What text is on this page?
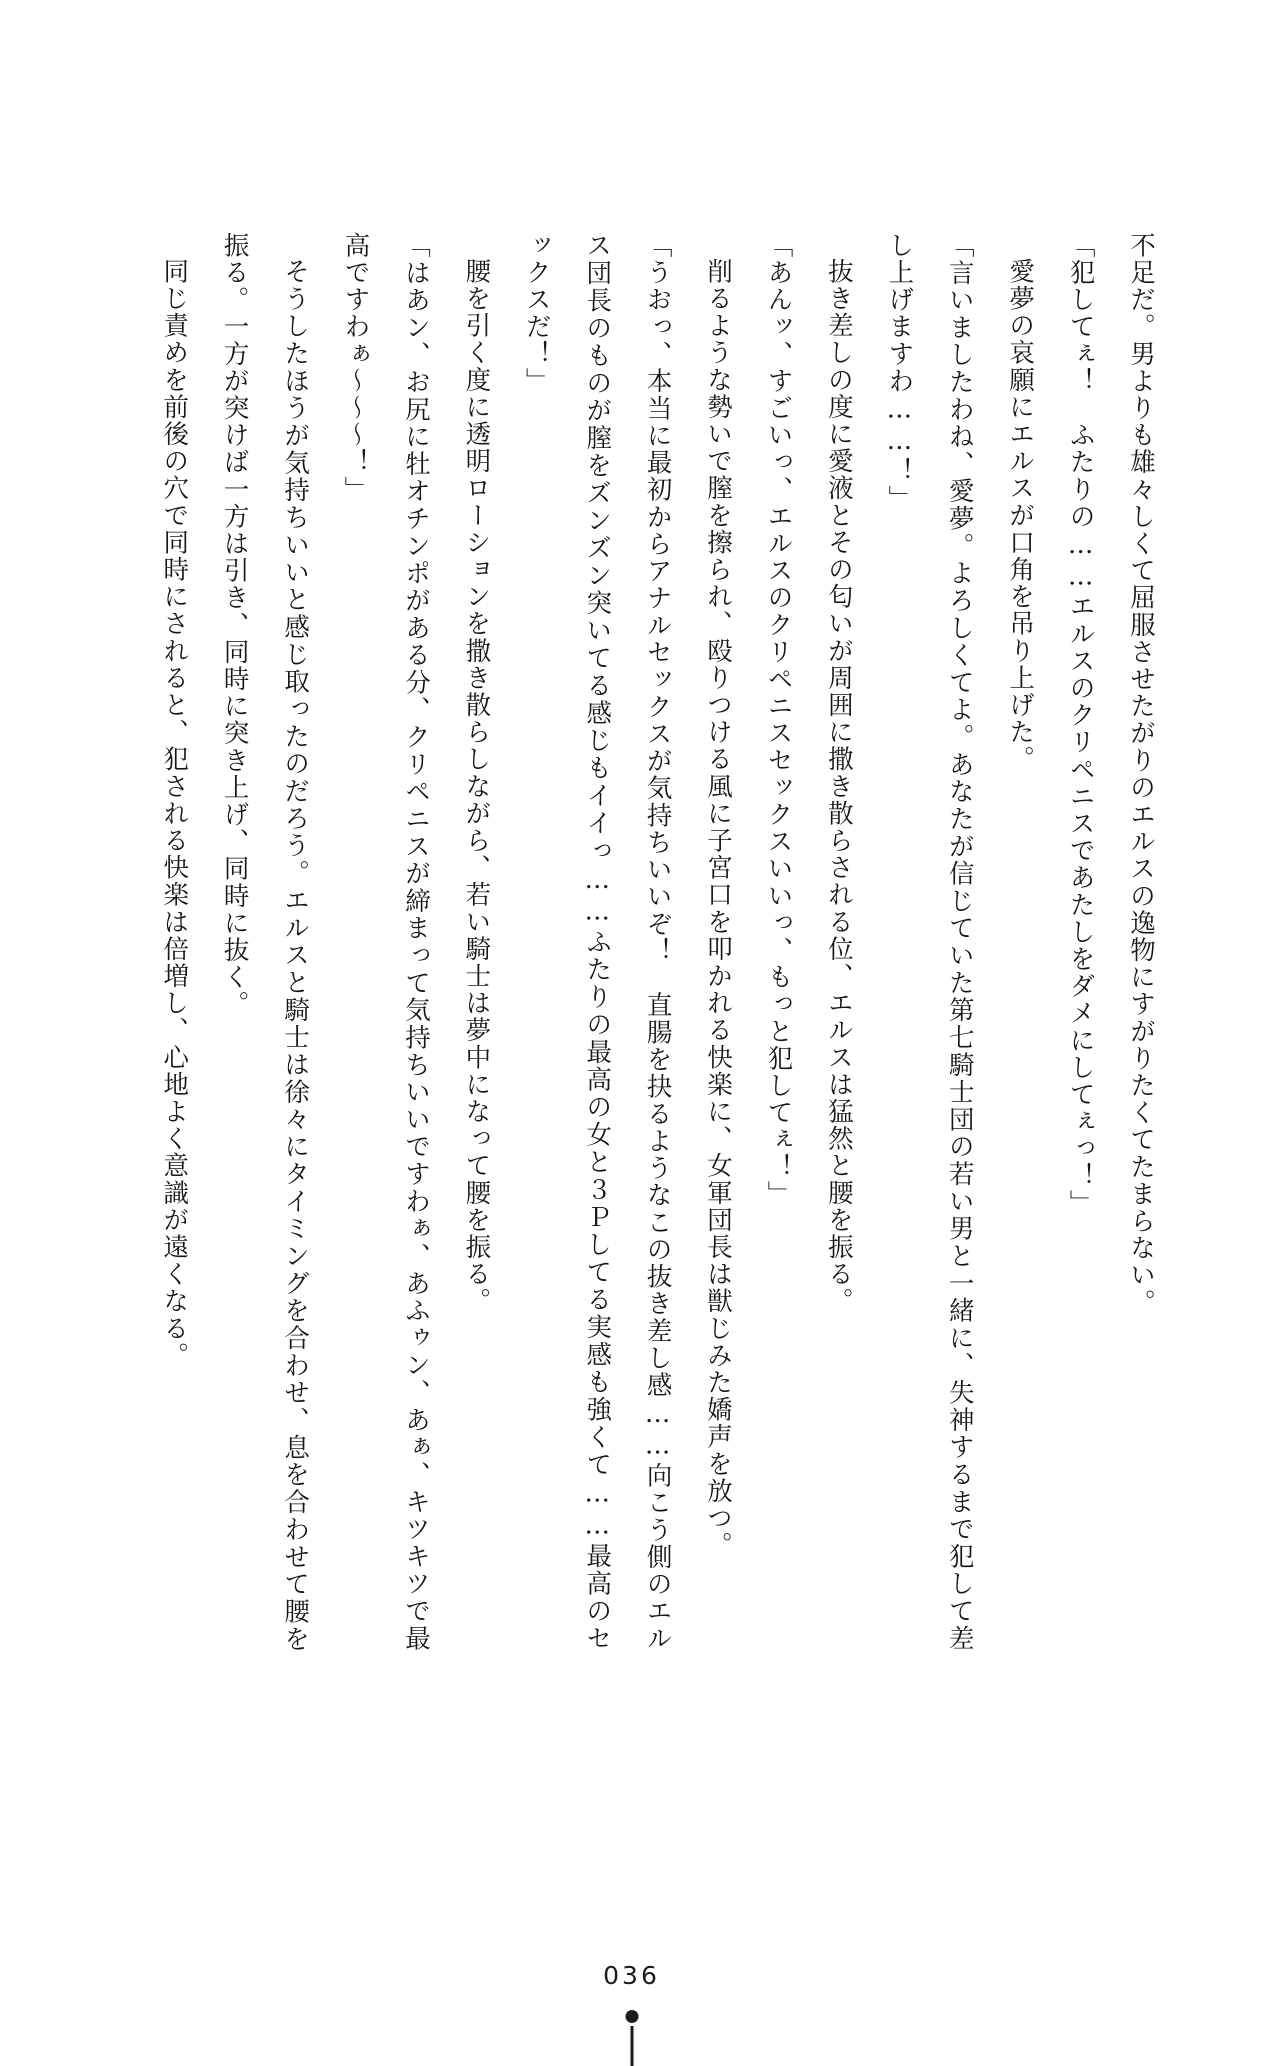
不足だ。男よりも雄々しくて屈服させたがりのエルスの逸物にすがりたくてたまらない。

「犯してぇ！　ふたりの……エルスのクリペニスであたしをダメにしてぇっ！」

愛夢の哀願にエルスが口角を吊り上げた。

「言いましたわね、愛夢。よろしくてよ。あなたが信じていた第七騎士団の若い男と一緒に、失神するまで犯して差し上げますわ……！」

抜き差しの度に愛液とその匂いが周囲に撒き散らされる位、エルスは猛然と腰を振る。

「あんッ、すごいっ、エルスのクリペニスセックスいいっ、もっと犯してぇ！」

削るような勢いで膣を擦られ、殴りつける風に子宮口を叩かれる快楽に、女軍団長は獣じみた嬌声を放つ。

「うおっ、本当に最初からアナルセックスが気持ちいいぞ！　直腸を抉るようなこの抜き差し感……向こう側のエルス団長のものが膣をズンズン突いてる感じもイイっ……ふたりの最高の女と３Ｐしてる実感も強くて……最高のセックスだ！」

腰を引く度に透明ローションを撒き散らしながら、若い騎士は夢中になって腰を振る。

「はあン、お尻に牡オチンポがある分、クリペニスが締まって気持ちいいですわぁ、あふゥン、あぁ、キツキツで最高ですわぁ～～～！」

そうしたほうが気持ちいいと感じ取ったのだろう。エルスと騎士は徐々にタイミングを合わせ、息を合わせて腰を振る。一方が突けば一方は引き、同時に突き上げ、同時に抜く。

同じ責めを前後の穴で同時にされると、犯される快楽は倍増し、心地よく意識が遠くなる。

036
